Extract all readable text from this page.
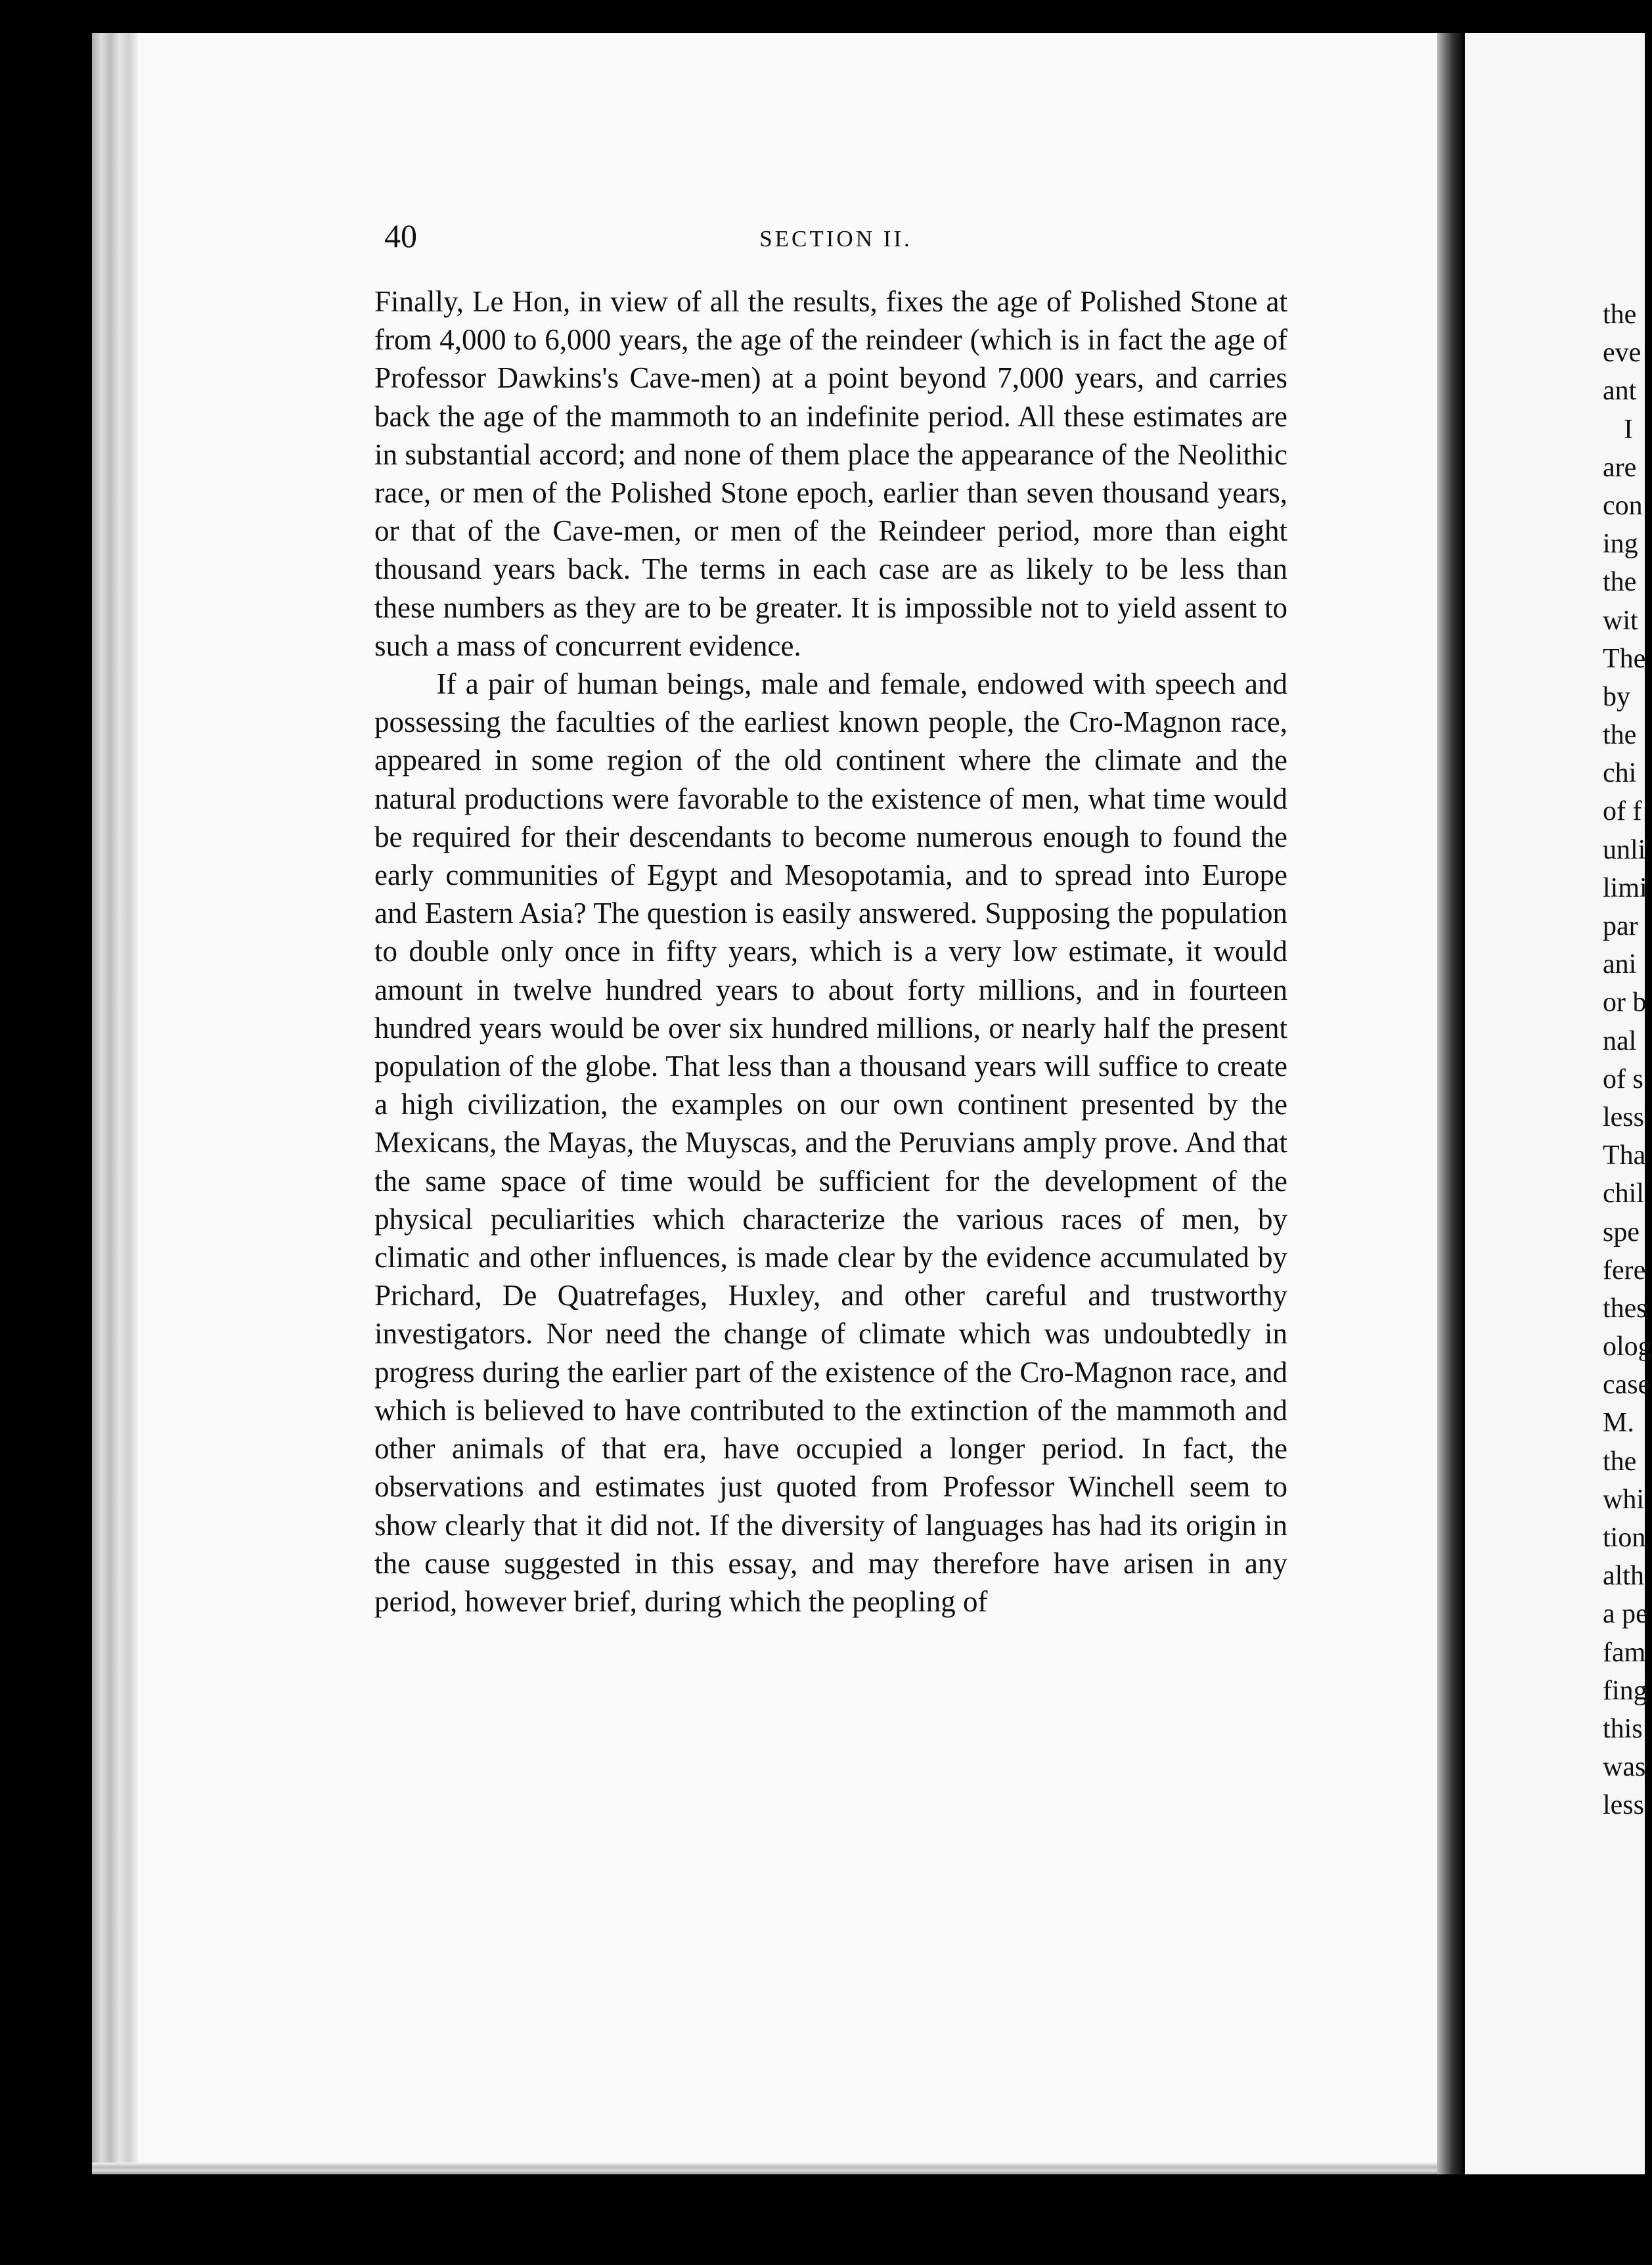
40	SECTION II.

Finally, Le Hon, in view of all the results, fixes the age of Polished Stone at from 4,000 to 6,000 years, the age of the reindeer (which is in fact the age of Professor Dawkins's Cave-men) at a point beyond 7,000 years, and carries back the age of the mammoth to an indefinite period. All these estimates are in substantial accord; and none of them place the appearance of the Neolithic race, or men of the Polished Stone epoch, earlier than seven thousand years, or that of the Cave-men, or men of the Reindeer period, more than eight thousand years back. The terms in each case are as likely to be less than these numbers as they are to be greater. It is impossible not to yield assent to such a mass of concurrent evidence.

If a pair of human beings, male and female, endowed with speech and possessing the faculties of the earliest known people, the Cro-Magnon race, appeared in some region of the old continent where the climate and the natural productions were favorable to the existence of men, what time would be required for their descendants to become numerous enough to found the early communities of Egypt and Mesopotamia, and to spread into Europe and Eastern Asia? The question is easily answered. Supposing the population to double only once in fifty years, which is a very low estimate, it would amount in twelve hundred years to about forty millions, and in fourteen hundred years would be over six hundred millions, or nearly half the present population of the globe. That less than a thousand years will suffice to create a high civilization, the examples on our own continent presented by the Mexicans, the Mayas, the Muyscas, and the Peruvians amply prove. And that the same space of time would be sufficient for the development of the physical peculiarities which characterize the various races of men, by climatic and other influences, is made clear by the evidence accumulated by Prichard, De Quatrefages, Huxley, and other careful and trustworthy investigators. Nor need the change of climate which was undoubtedly in progress during the earlier part of the existence of the Cro-Magnon race, and which is believed to have contributed to the extinction of the mammoth and other animals of that era, have occupied a longer period. In fact, the observations and estimates just quoted from Professor Winchell seem to show clearly that it did not. If the diversity of languages has had its origin in the cause suggested in this essay, and may therefore have arisen in any period, however brief, during which the peopling of

the
eve
ant
I
are
con
ing
the
wit
The
by
the
chi
of f
unli
limi
par
ani
or b
nal
of s
less
Tha
chil
spe
fere
thes
olog
case
M.
the
whi
tion
alth
a pe
fam
fing
this
was
less
